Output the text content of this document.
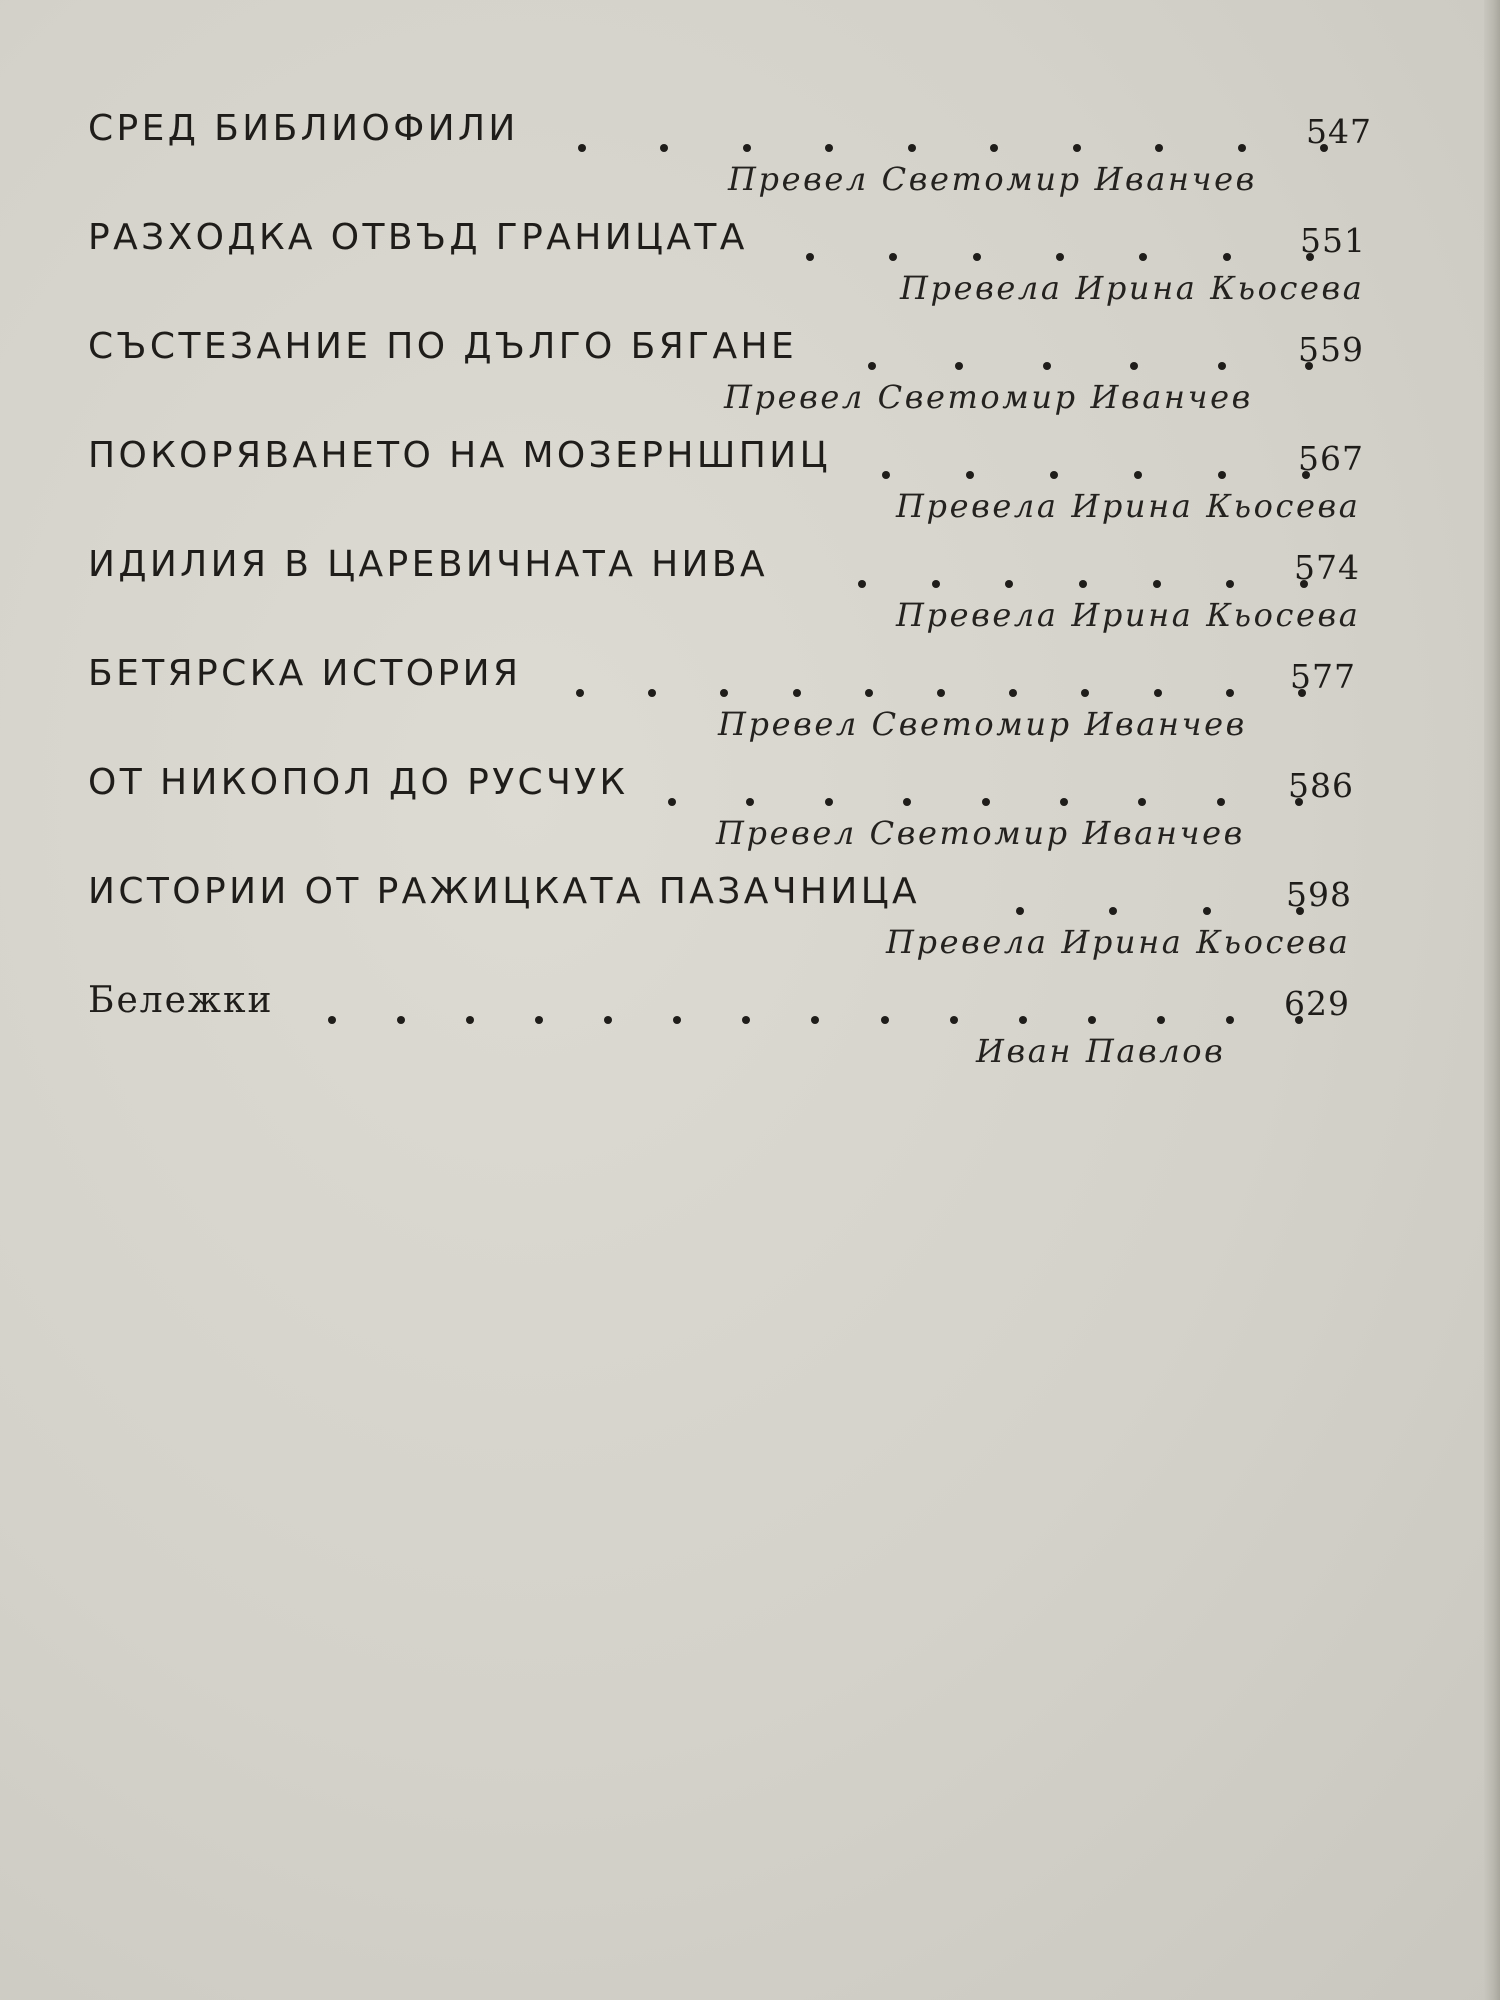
СРЕД БИБЛИОФИЛИ	547
Превел Светомир Иванчев
РАЗХОДКА ОТВЪД ГРАНИЦАТА	551
Превела Ирина Кьосева
СЪСТЕЗАНИЕ ПО ДЪЛГО БЯГАНЕ	559
Превел Светомир Иванчев
ПОКОРЯВАНЕТО НА МОЗЕРНШПИЦ	567
Превела Ирина Кьосева
ИДИЛИЯ В ЦАРЕВИЧНАТА НИВА	574
Превела Ирина Кьосева
БЕТЯРСКА ИСТОРИЯ	577
Превел Светомир Иванчев
ОТ НИКОПОЛ ДО РУСЧУК	586
Превел Светомир Иванчев
ИСТОРИИ ОТ РАЖИЦКАТА ПАЗАЧНИЦА	598
Превела Ирина Кьосева
Бележки	629
Иван Павлов
